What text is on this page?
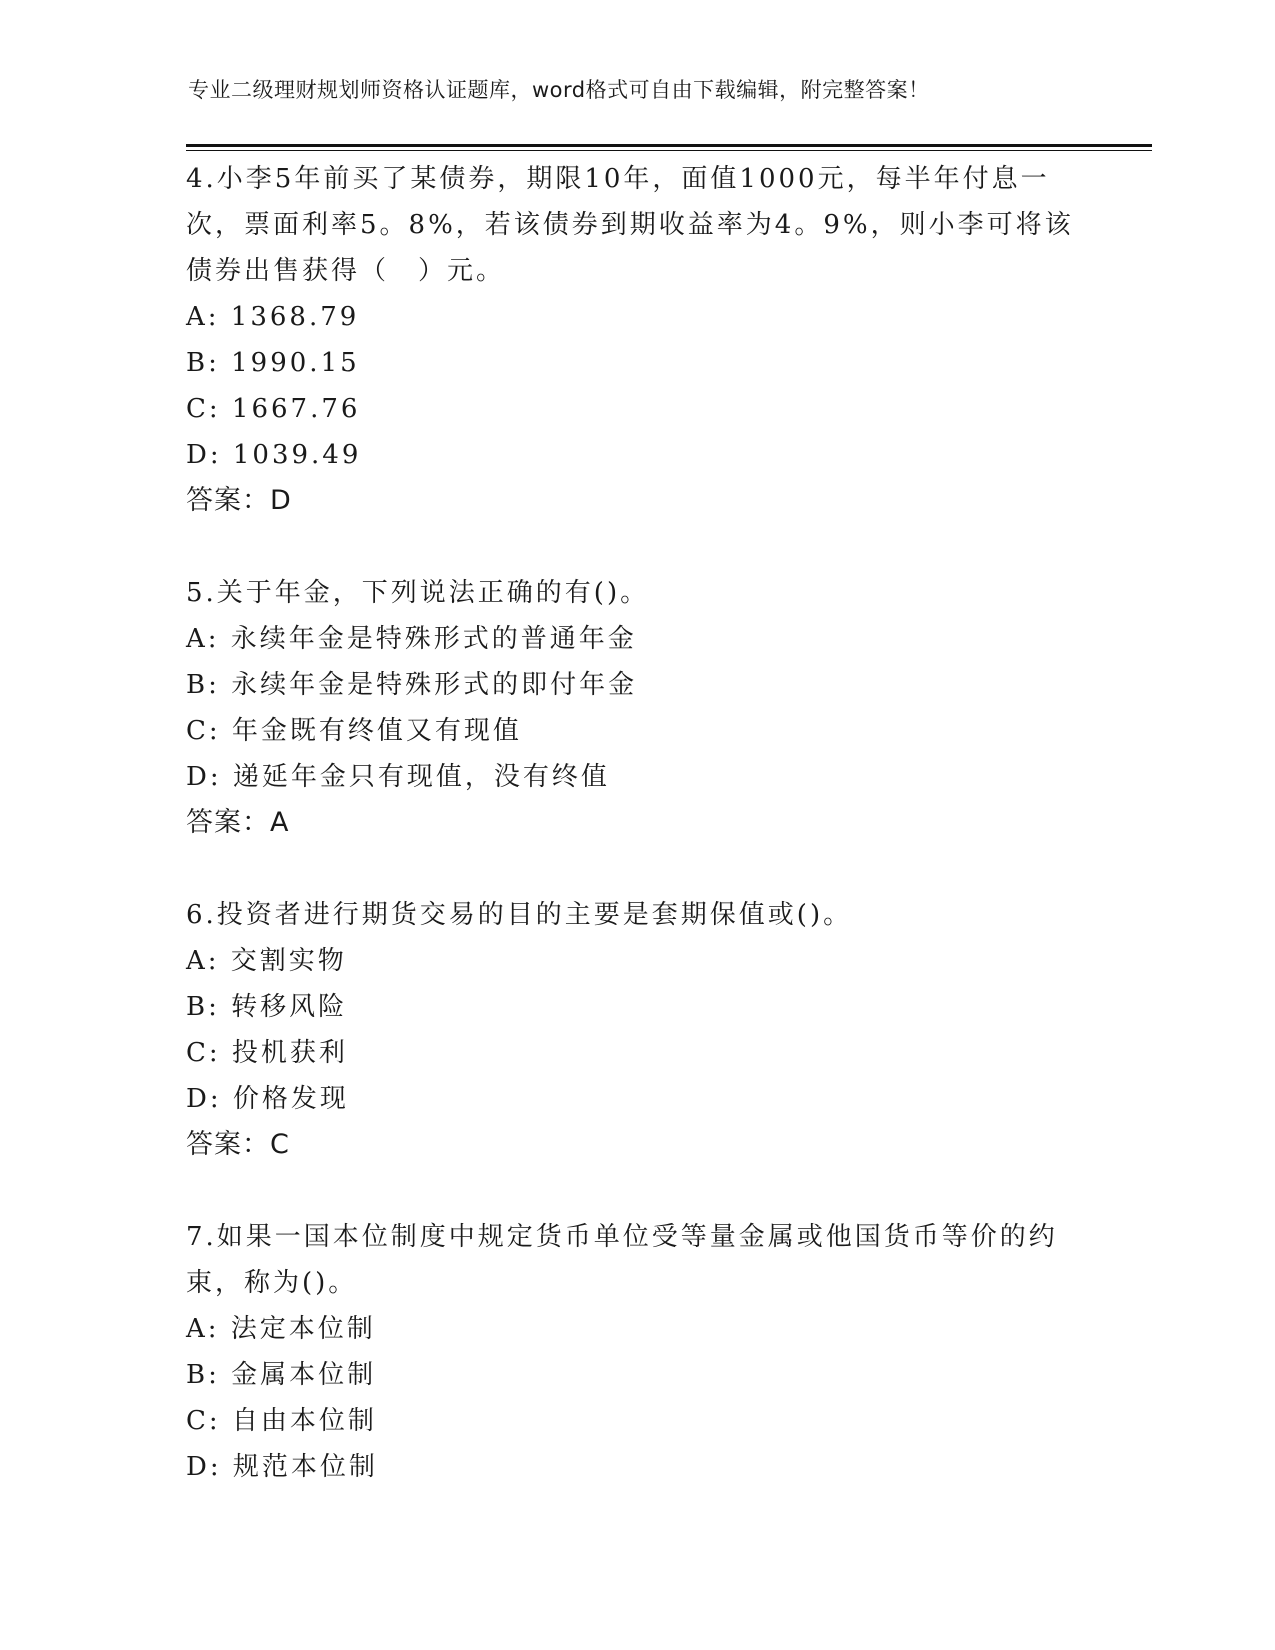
专业二级理财规划师资格认证题库，word格式可自由下载编辑，附完整答案！

4.小李5年前买了某债券，期限10年，面值1000元，每半年付息一次，票面利率5。8%，若该债券到期收益率为4。9%，则小李可将该债券出售获得（　）元。

A: 1368.79

B: 1990.15

C: 1667.76

D: 1039.49

答案：D

5.关于年金，下列说法正确的有()。

A: 永续年金是特殊形式的普通年金

B: 永续年金是特殊形式的即付年金

C: 年金既有终值又有现值

D: 递延年金只有现值，没有终值

答案：A

6.投资者进行期货交易的目的主要是套期保值或()。

A: 交割实物

B: 转移风险

C: 投机获利

D: 价格发现

答案：C

7.如果一国本位制度中规定货币单位受等量金属或他国货币等价的约束，称为()。

A: 法定本位制

B: 金属本位制

C: 自由本位制

D: 规范本位制
